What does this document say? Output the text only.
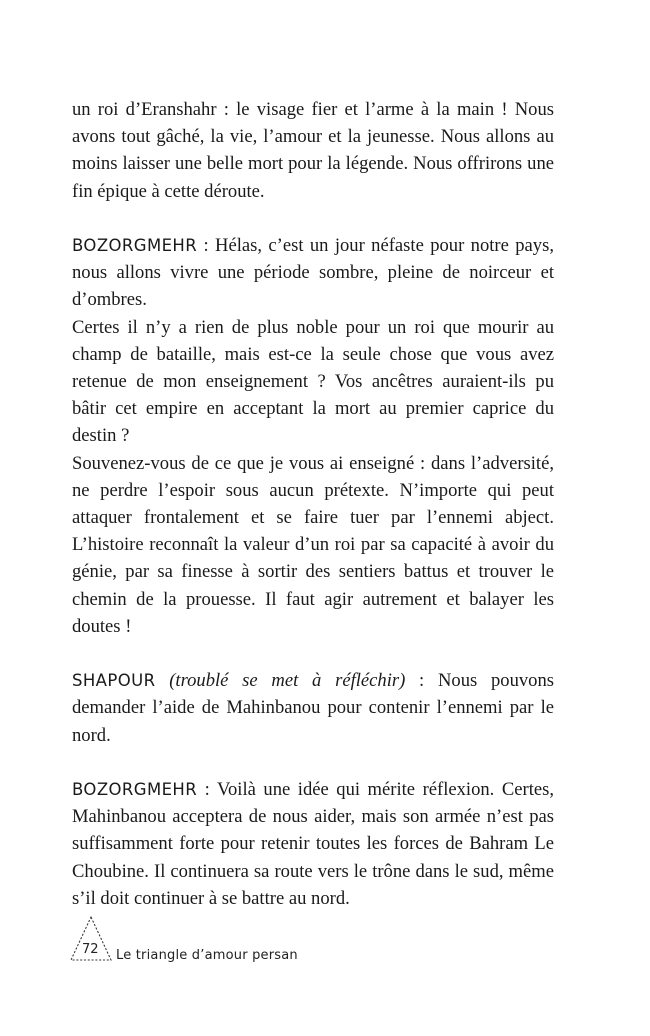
un roi d’Eranshahr : le visage fier et l’arme à la main ! Nous avons tout gâché, la vie, l’amour et la jeunesse. Nous allons au moins laisser une belle mort pour la légende. Nous offrirons une fin épique à cette déroute.

BOZORGMEHR : Hélas, c’est un jour néfaste pour notre pays, nous allons vivre une période sombre, pleine de noirceur et d’ombres.

Certes il n’y a rien de plus noble pour un roi que mourir au champ de bataille, mais est-ce la seule chose que vous avez retenue de mon enseignement ? Vos ancêtres auraient-ils pu bâtir cet empire en acceptant la mort au premier caprice du destin ?

Souvenez-vous de ce que je vous ai enseigné : dans l’adversité, ne perdre l’espoir sous aucun prétexte. N’importe qui peut attaquer frontalement et se faire tuer par l’ennemi abject. L’histoire reconnaît la valeur d’un roi par sa capacité à avoir du génie, par sa finesse à sortir des sentiers battus et trouver le chemin de la prouesse. Il faut agir autrement et balayer les doutes !

SHAPOUR (troublé se met à réfléchir) : Nous pouvons demander l’aide de Mahinbanou pour contenir l’ennemi par le nord.

BOZORGMEHR : Voilà une idée qui mérite réflexion. Certes, Mahinbanou acceptera de nous aider, mais son armée n’est pas suffisamment forte pour retenir toutes les forces de Bahram Le Choubine. Il continuera sa route vers le trône dans le sud, même s’il doit continuer à se battre au nord.

72 Le triangle d’amour persan
